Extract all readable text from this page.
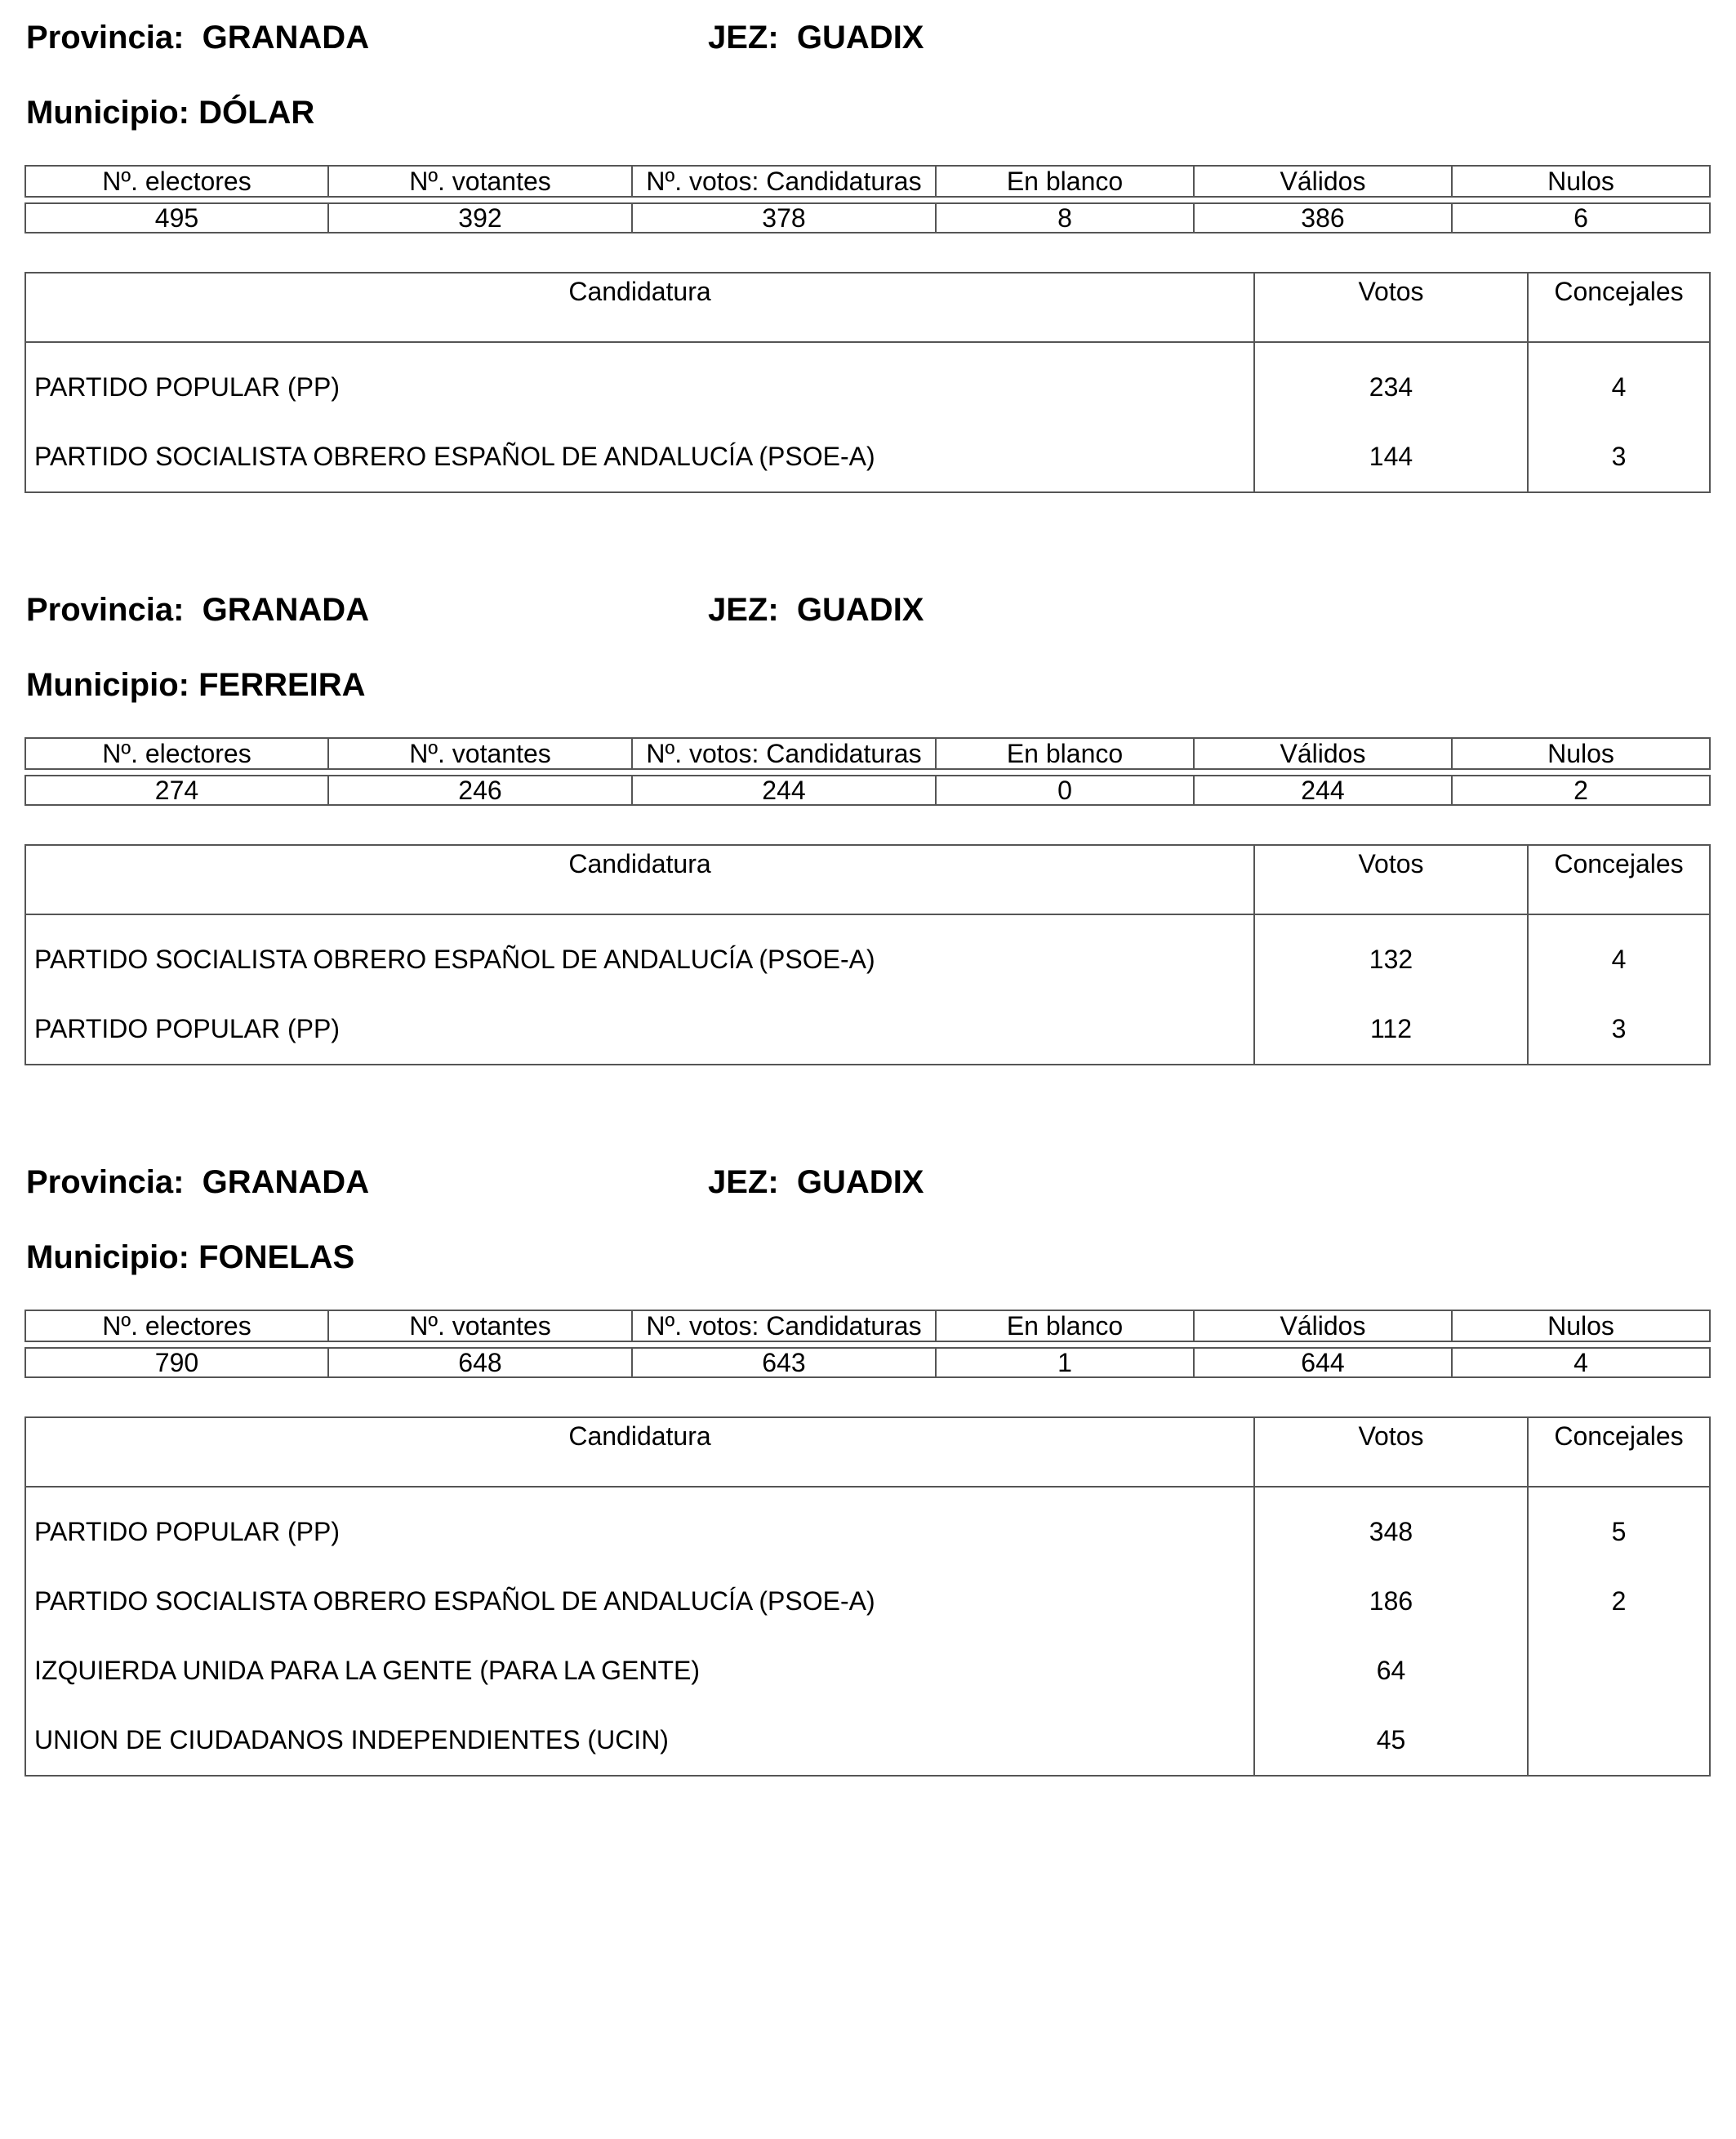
Provincia: GRANADA	JEZ: GUADIX
Municipio: DÓLAR
Nº. electores	Nº. votantes	Nº. votos: Candidaturas	En blanco	Válidos	Nulos

495	392	378	8	386	6
Candidatura	Votos	Concejales
PARTIDO POPULAR (PP)	234	4
PARTIDO SOCIALISTA OBRERO ESPAÑOL DE ANDALUCÍA (PSOE-A)	144	3
Provincia: GRANADA	JEZ: GUADIX
Municipio: FERREIRA
Nº. electores	Nº. votantes	Nº. votos: Candidaturas	En blanco	Válidos	Nulos

274	246	244	0	244	2
Candidatura	Votos	Concejales
PARTIDO SOCIALISTA OBRERO ESPAÑOL DE ANDALUCÍA (PSOE-A)	132	4
PARTIDO POPULAR (PP)	112	3
Provincia: GRANADA	JEZ: GUADIX
Municipio: FONELAS
Nº. electores	Nº. votantes	Nº. votos: Candidaturas	En blanco	Válidos	Nulos

790	648	643	1	644	4
Candidatura	Votos	Concejales
PARTIDO POPULAR (PP)	348	5
PARTIDO SOCIALISTA OBRERO ESPAÑOL DE ANDALUCÍA (PSOE-A)	186	2
IZQUIERDA UNIDA PARA LA GENTE (PARA LA GENTE)	64	
UNION DE CIUDADANOS INDEPENDIENTES (UCIN)	45	
